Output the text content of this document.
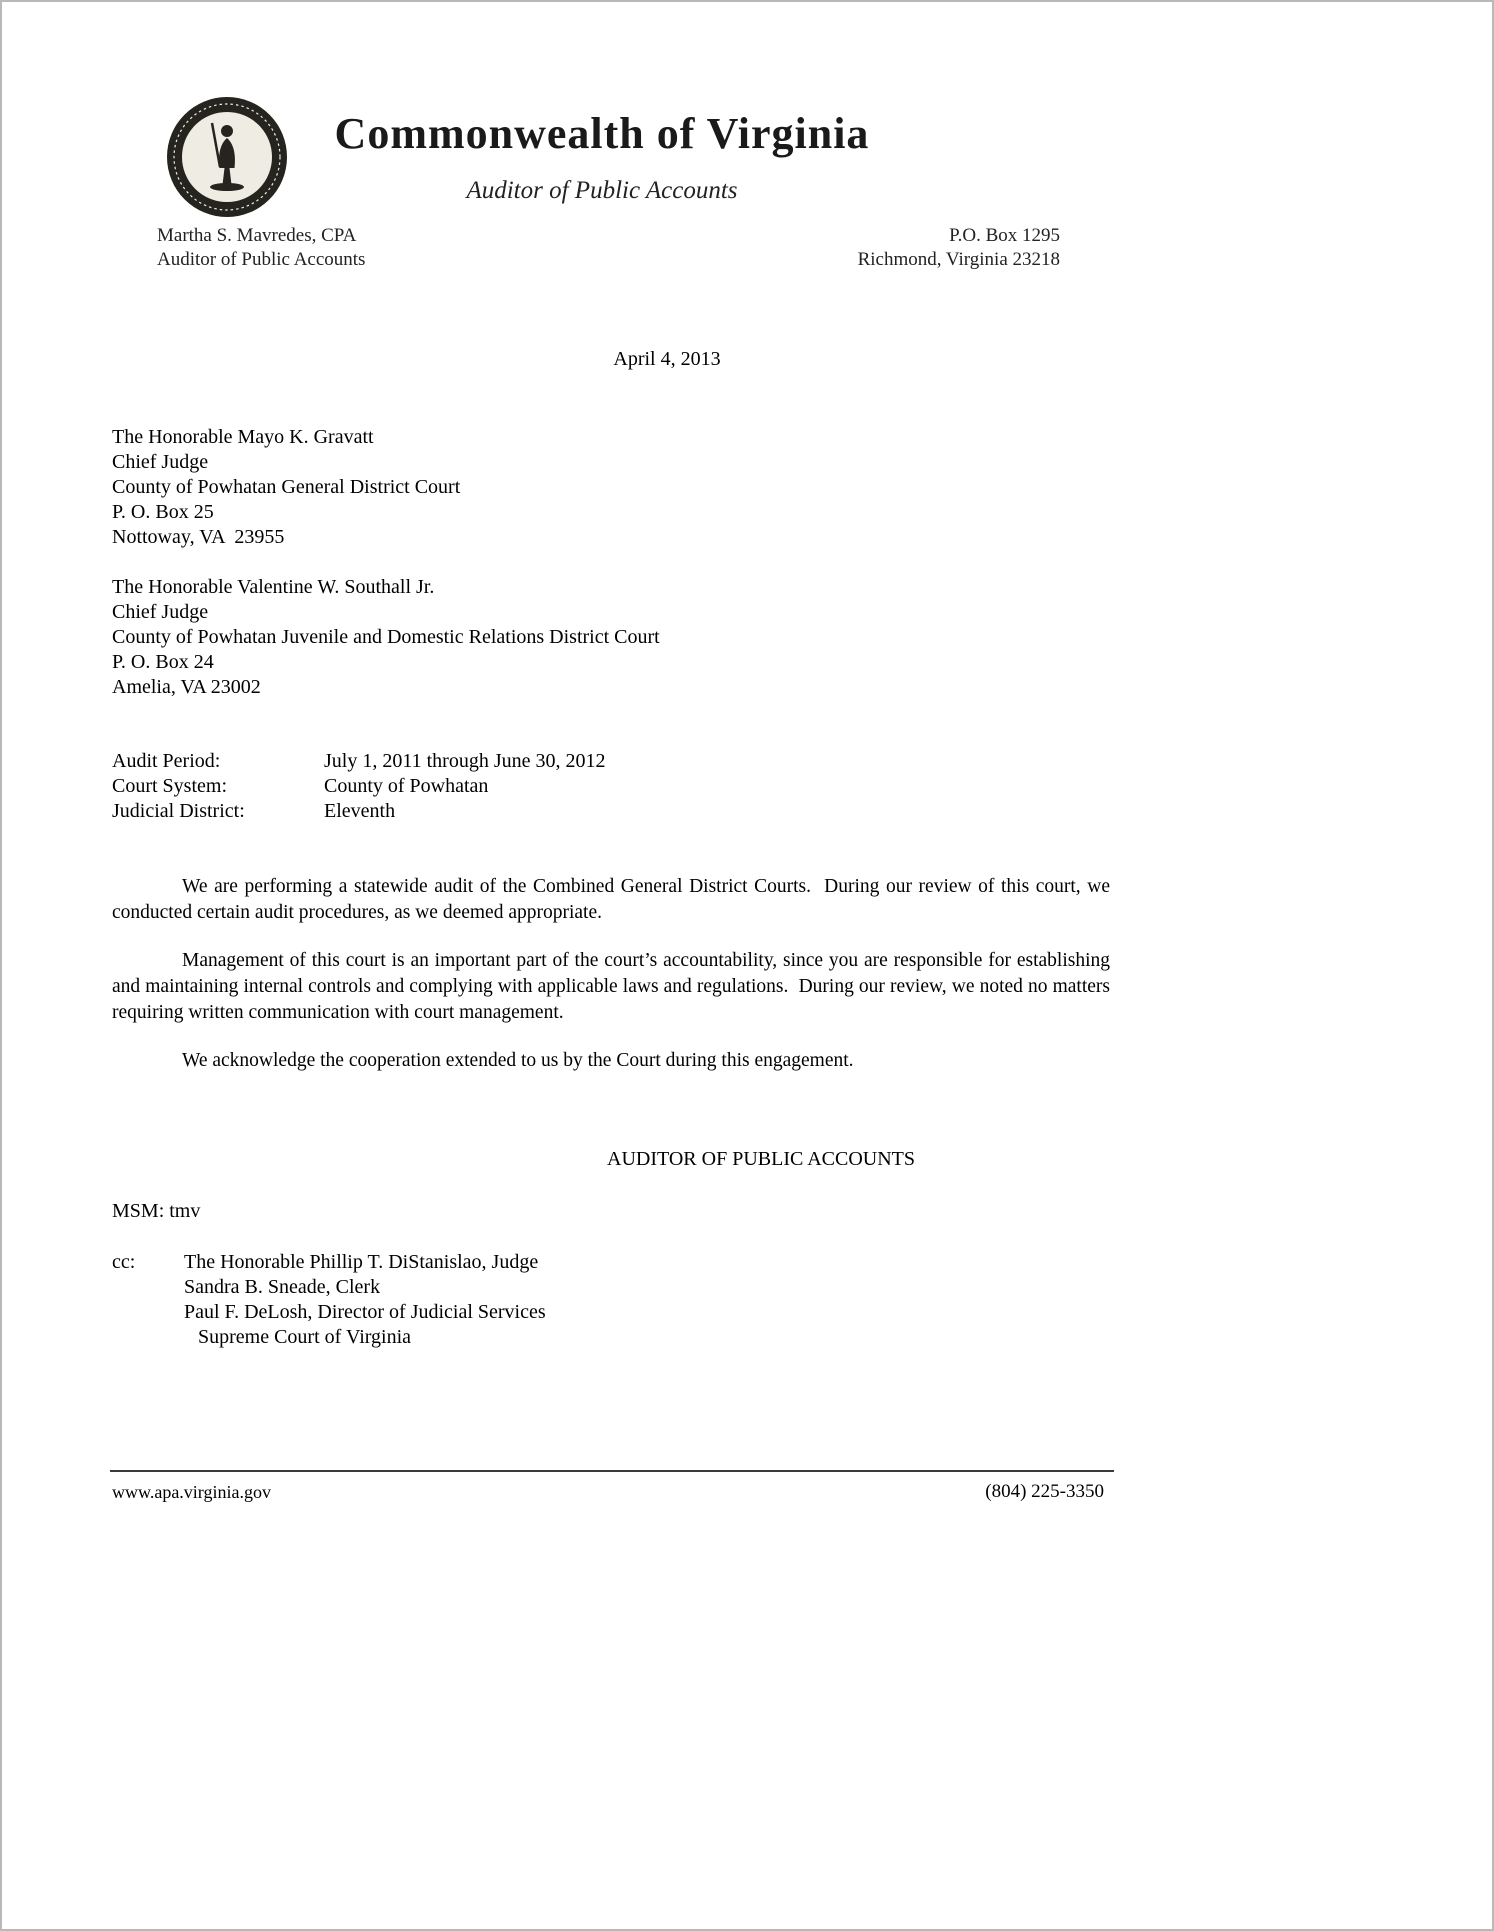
Commonwealth of Virginia
Auditor of Public Accounts
Martha S. Mavredes, CPA
Auditor of Public Accounts
P.O. Box 1295
Richmond, Virginia 23218
April 4, 2013
The Honorable Mayo K. Gravatt
Chief Judge
County of Powhatan General District Court
P. O. Box 25
Nottoway, VA  23955
The Honorable Valentine W. Southall Jr.
Chief Judge
County of Powhatan Juvenile and Domestic Relations District Court
P. O. Box 24
Amelia, VA 23002
Audit Period:	July 1, 2011 through June 30, 2012
Court System:	County of Powhatan
Judicial District:	Eleventh
We are performing a statewide audit of the Combined General District Courts.  During our review of this court, we conducted certain audit procedures, as we deemed appropriate.
Management of this court is an important part of the court’s accountability, since you are responsible for establishing and maintaining internal controls and complying with applicable laws and regulations.  During our review, we noted no matters requiring written communication with court management.
We acknowledge the cooperation extended to us by the Court during this engagement.
AUDITOR OF PUBLIC ACCOUNTS
MSM: tmv
cc: The Honorable Phillip T. DiStanislao, Judge
Sandra B. Sneade, Clerk
Paul F. DeLosh, Director of Judicial Services
Supreme Court of Virginia
www.apa.virginia.gov	(804) 225-3350
